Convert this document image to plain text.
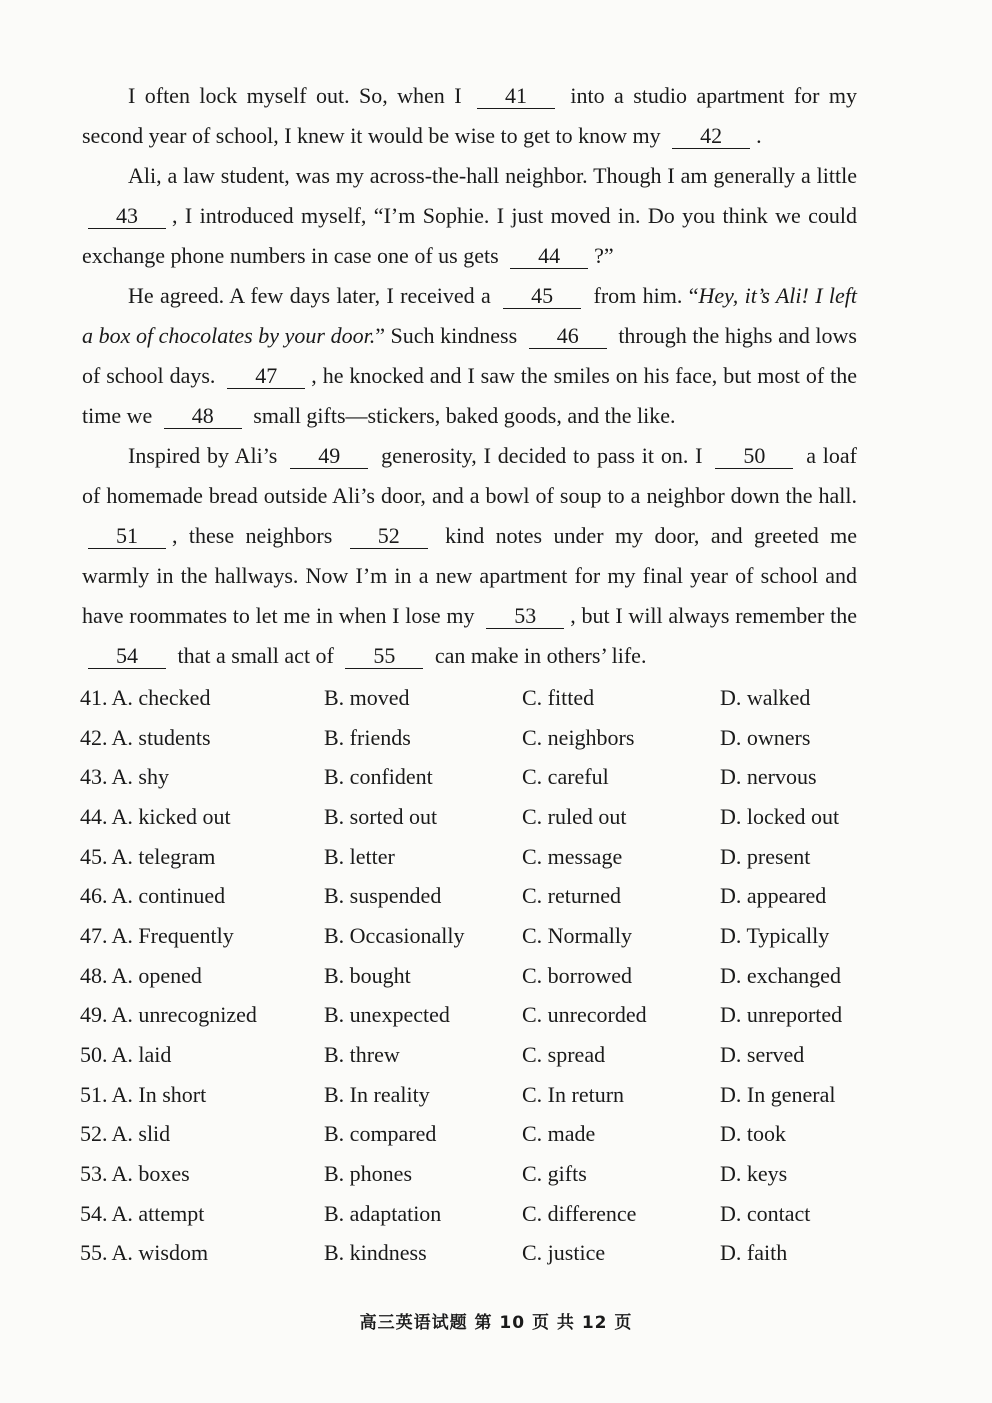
I often lock myself out. So, when I 41 into a studio apartment for my second year of school, I knew it would be wise to get to know my 42 .

Ali, a law student, was my across-the-hall neighbor. Though I am generally a little 43 , I introduced myself, “I’m Sophie. I just moved in. Do you think we could exchange phone numbers in case one of us gets 44 ?”

He agreed. A few days later, I received a 45 from him. “Hey, it’s Ali! I left a box of chocolates by your door.” Such kindness 46 through the highs and lows of school days. 47 , he knocked and I saw the smiles on his face, but most of the time we 48 small gifts—stickers, baked goods, and the like.

Inspired by Ali’s 49 generosity, I decided to pass it on. I 50 a loaf of homemade bread outside Ali’s door, and a bowl of soup to a neighbor down the hall. 51 , these neighbors 52 kind notes under my door, and greeted me warmly in the hallways. Now I’m in a new apartment for my final year of school and have roommates to let me in when I lose my 53 , but I will always remember the 54 that a small act of 55 can make in others’ life.

41. A. checked	B. moved	C. fitted	D. walked
42. A. students	B. friends	C. neighbors	D. owners
43. A. shy	B. confident	C. careful	D. nervous
44. A. kicked out	B. sorted out	C. ruled out	D. locked out
45. A. telegram	B. letter	C. message	D. present
46. A. continued	B. suspended	C. returned	D. appeared
47. A. Frequently	B. Occasionally	C. Normally	D. Typically
48. A. opened	B. bought	C. borrowed	D. exchanged
49. A. unrecognized	B. unexpected	C. unrecorded	D. unreported
50. A. laid	B. threw	C. spread	D. served
51. A. In short	B. In reality	C. In return	D. In general
52. A. slid	B. compared	C. made	D. took
53. A. boxes	B. phones	C. gifts	D. keys
54. A. attempt	B. adaptation	C. difference	D. contact
55. A. wisdom	B. kindness	C. justice	D. faith
高三英语试题 第 10 页 共 12 页
